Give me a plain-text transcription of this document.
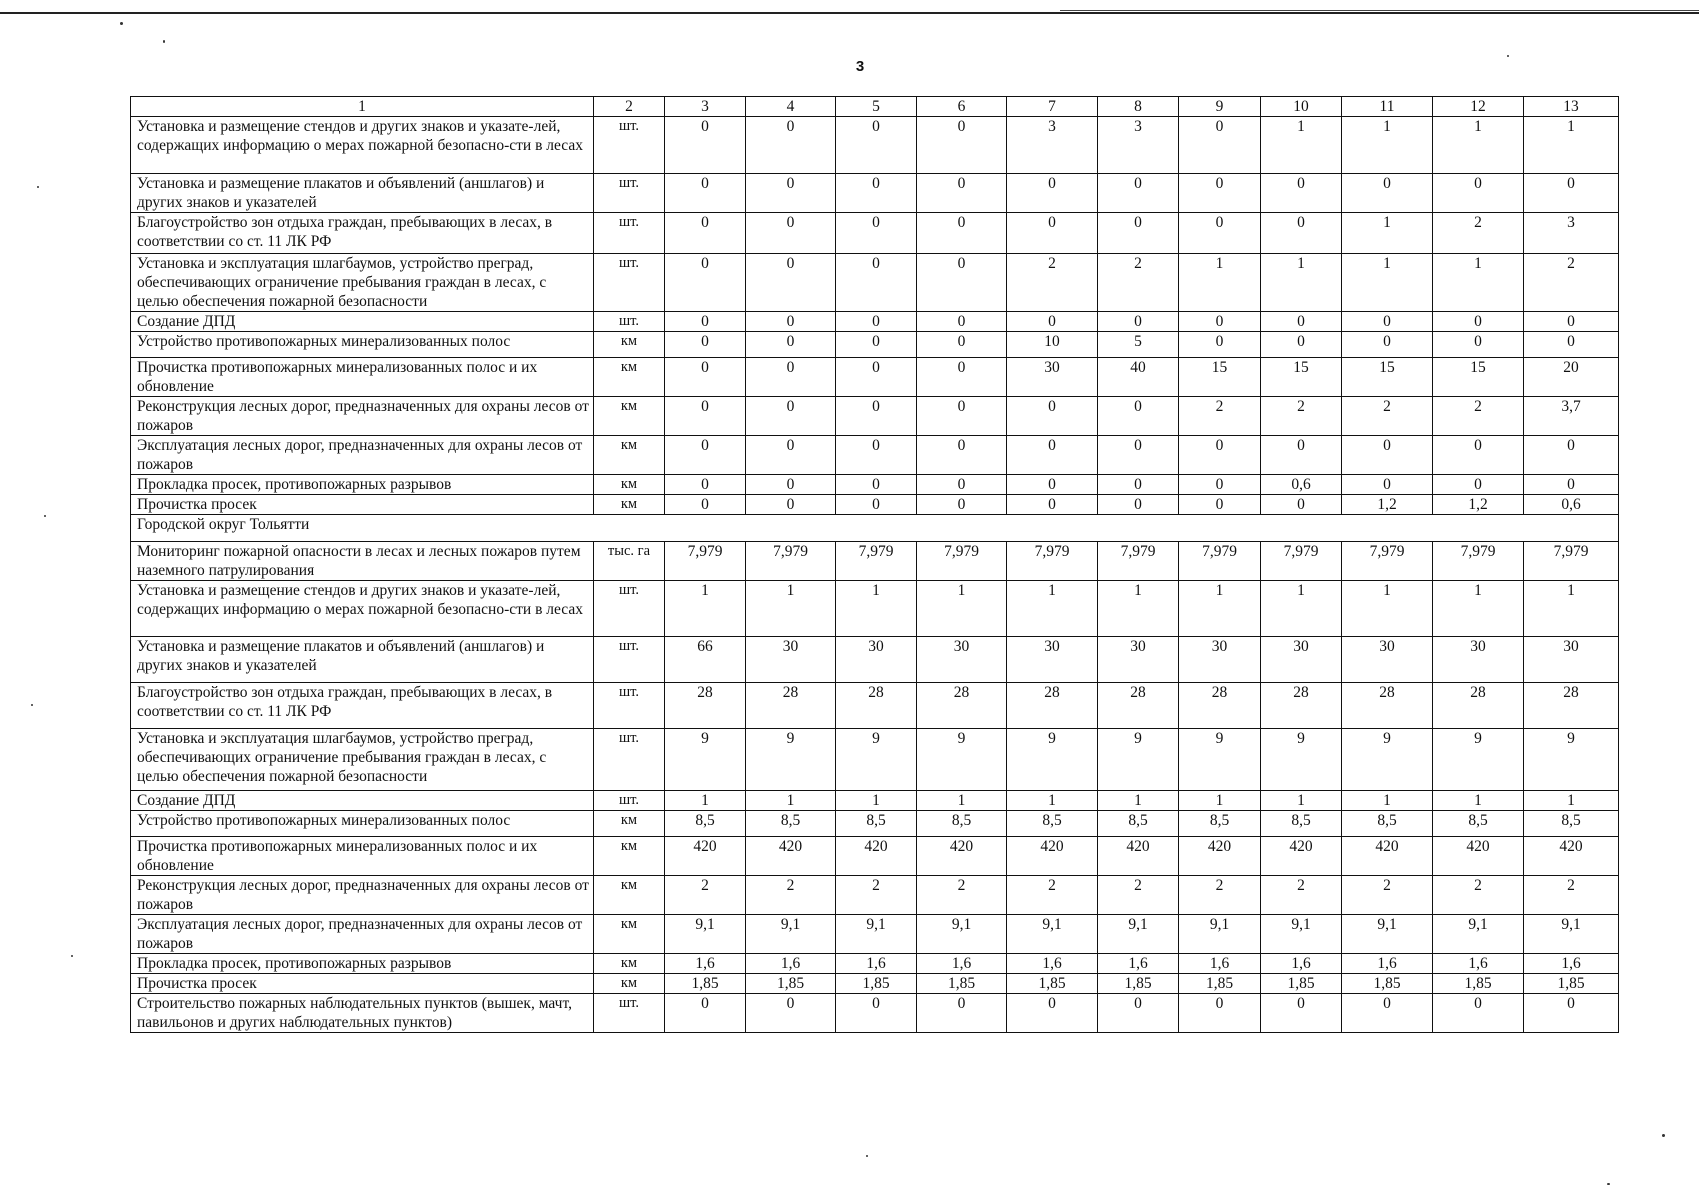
3
1	2	3	4	5	6	7	8	9	10	11	12	13
Установка и размещение стендов и других знаков и указате-лей, содержащих информацию о мерах пожарной безопасно-сти в лесах	шт.	0	0	0	0	3	3	0	1	1	1	1
Установка и размещение плакатов и объявлений (аншлагов) и других знаков и указателей	шт.	0	0	0	0	0	0	0	0	0	0	0
Благоустройство зон отдыха граждан, пребывающих в лесах, в соответствии со ст. 11 ЛК РФ	шт.	0	0	0	0	0	0	0	0	1	2	3
Установка и эксплуатация шлагбаумов, устройство преград, обеспечивающих ограничение пребывания граждан в лесах, с целью обеспечения пожарной безопасности	шт.	0	0	0	0	2	2	1	1	1	1	2
Создание ДПД	шт.	0	0	0	0	0	0	0	0	0	0	0
Устройство противопожарных минерализованных полос	км	0	0	0	0	10	5	0	0	0	0	0
Прочистка противопожарных минерализованных полос и их обновление	км	0	0	0	0	30	40	15	15	15	15	20
Реконструкция лесных дорог, предназначенных для охраны лесов от пожаров	км	0	0	0	0	0	0	2	2	2	2	3,7
Эксплуатация лесных дорог, предназначенных для охраны лесов от пожаров	км	0	0	0	0	0	0	0	0	0	0	0
Прокладка просек, противопожарных разрывов	км	0	0	0	0	0	0	0	0,6	0	0	0
Прочистка просек	км	0	0	0	0	0	0	0	0	1,2	1,2	0,6
Городской округ Тольятти												
Мониторинг пожарной опасности в лесах и лесных пожаров путем наземного патрулирования	тыс. га	7,979	7,979	7,979	7,979	7,979	7,979	7,979	7,979	7,979	7,979	7,979
Установка и размещение стендов и других знаков и указате-лей, содержащих информацию о мерах пожарной безопасно-сти в лесах	шт.	1	1	1	1	1	1	1	1	1	1	1
Установка и размещение плакатов и объявлений (аншлагов) и других знаков и указателей	шт.	66	30	30	30	30	30	30	30	30	30	30
Благоустройство зон отдыха граждан, пребывающих в лесах, в соответствии со ст. 11 ЛК РФ	шт.	28	28	28	28	28	28	28	28	28	28	28
Установка и эксплуатация шлагбаумов, устройство преград, обеспечивающих ограничение пребывания граждан в лесах, с целью обеспечения пожарной безопасности	шт.	9	9	9	9	9	9	9	9	9	9	9
Создание ДПД	шт.	1	1	1	1	1	1	1	1	1	1	1
Устройство противопожарных минерализованных полос	км	8,5	8,5	8,5	8,5	8,5	8,5	8,5	8,5	8,5	8,5	8,5
Прочистка противопожарных минерализованных полос и их обновление	км	420	420	420	420	420	420	420	420	420	420	420
Реконструкция лесных дорог, предназначенных для охраны лесов от пожаров	км	2	2	2	2	2	2	2	2	2	2	2
Эксплуатация лесных дорог, предназначенных для охраны лесов от пожаров	км	9,1	9,1	9,1	9,1	9,1	9,1	9,1	9,1	9,1	9,1	9,1
Прокладка просек, противопожарных разрывов	км	1,6	1,6	1,6	1,6	1,6	1,6	1,6	1,6	1,6	1,6	1,6
Прочистка просек	км	1,85	1,85	1,85	1,85	1,85	1,85	1,85	1,85	1,85	1,85	1,85
Строительство пожарных наблюдательных пунктов (вышек, мачт, павильонов и других наблюдательных пунктов)	шт.	0	0	0	0	0	0	0	0	0	0	0
